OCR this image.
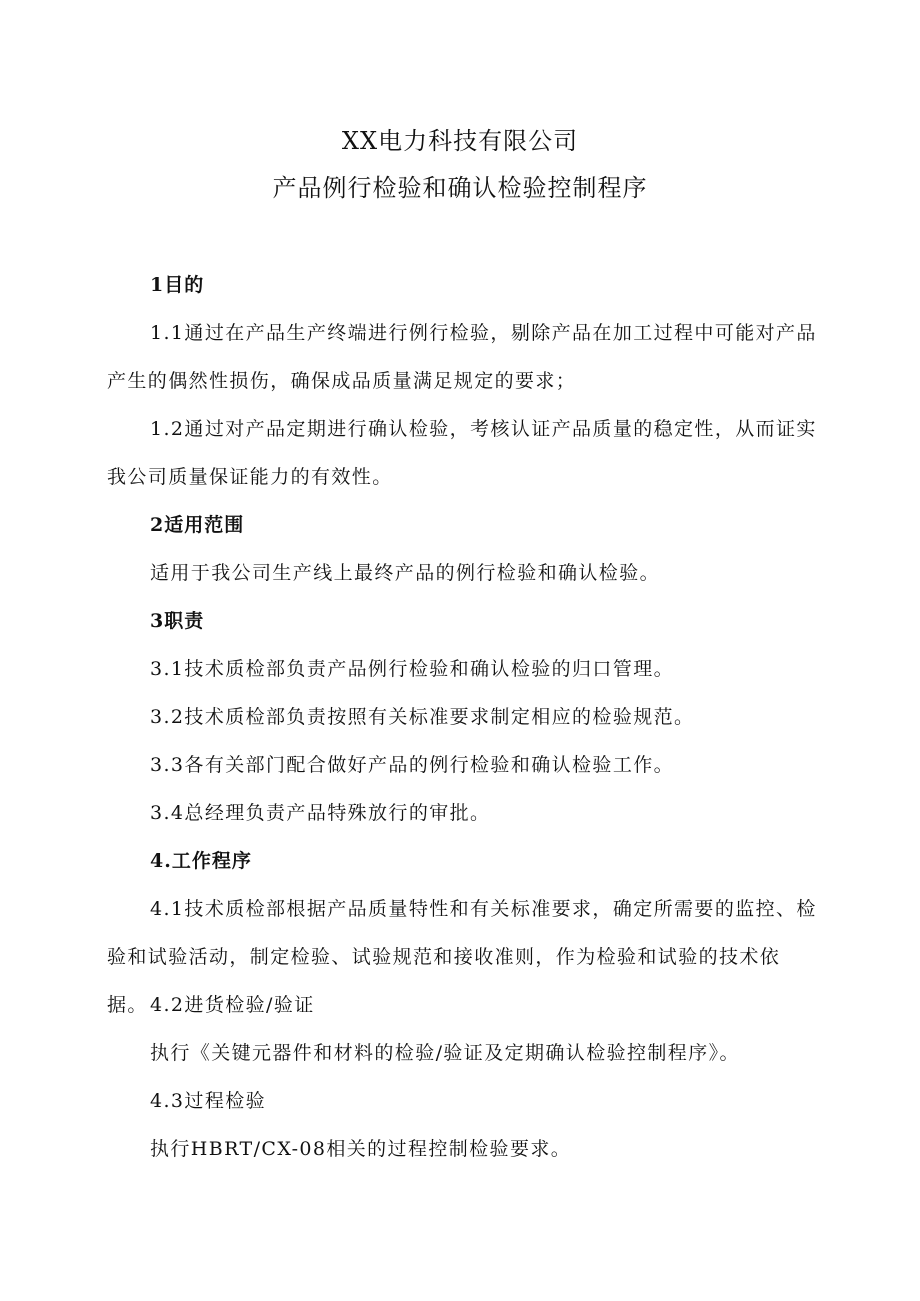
XX电力科技有限公司
产品例行检验和确认检验控制程序
1目的
1.1通过在产品生产终端进行例行检验，剔除产品在加工过程中可能对产品产生的偶然性损伤，确保成品质量满足规定的要求；
1.2通过对产品定期进行确认检验，考核认证产品质量的稳定性，从而证实我公司质量保证能力的有效性。
2适用范围
适用于我公司生产线上最终产品的例行检验和确认检验。
3职责
3.1技术质检部负责产品例行检验和确认检验的归口管理。
3.2技术质检部负责按照有关标准要求制定相应的检验规范。
3.3各有关部门配合做好产品的例行检验和确认检验工作。
3.4总经理负责产品特殊放行的审批。
4.工作程序
4.1技术质检部根据产品质量特性和有关标准要求，确定所需要的监控、检验和试验活动，制定检验、试验规范和接收准则，作为检验和试验的技术依据。 4.2进货检验/验证
执行《关键元器件和材料的检验/验证及定期确认检验控制程序》。
4.3过程检验
执行HBRT/CX-08相关的过程控制检验要求。
